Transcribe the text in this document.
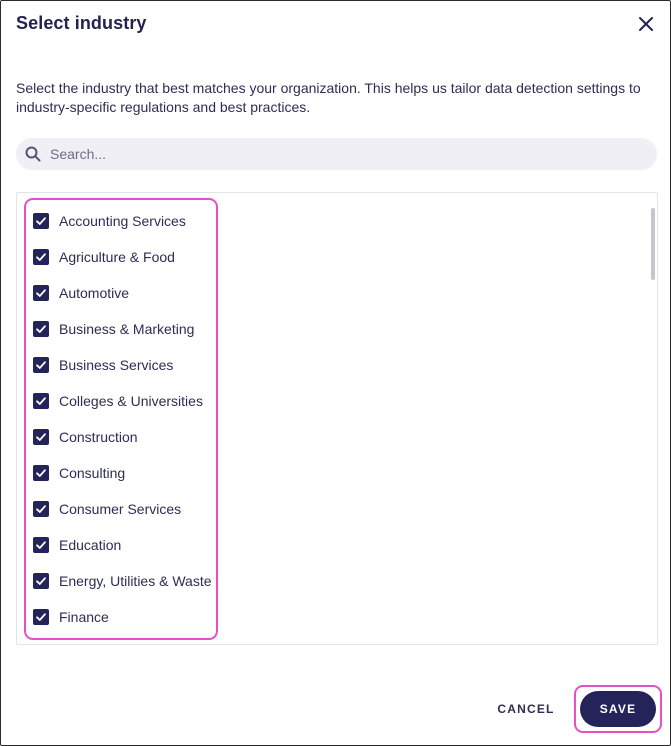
Select industry
Select the industry that best matches your organization. This helps us tailor data detection settings to industry-specific regulations and best practices.
Search...
Accounting Services
Agriculture & Food
Automotive
Business & Marketing
Business Services
Colleges & Universities
Construction
Consulting
Consumer Services
Education
Energy, Utilities & Waste
Finance
CANCEL	SAVE
